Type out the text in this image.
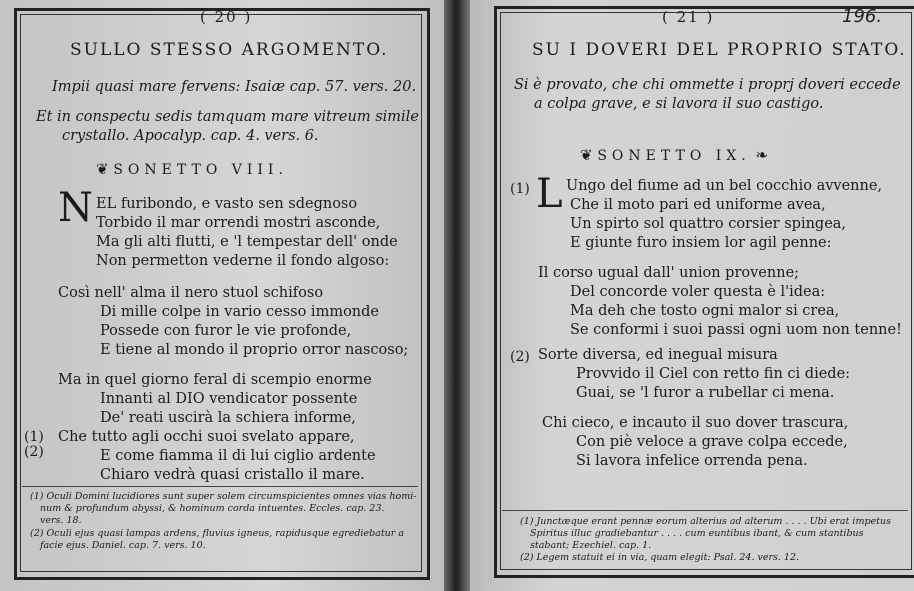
( 20 )
SULLO STESSO ARGOMENTO.
Impii quasi mare fervens: Isaiæ cap. 57. vers. 20.
Et in conspectu sedis tamquam mare vitreum simile
crystallo. Apocalyp. cap. 4. vers. 6.
❦ SONETTO VIII.
N EL furibondo, e vasto sen sdegnoso
Torbido il mar orrendi mostri asconde,
Ma gli alti flutti, e 'l tempestar dell' onde
Non permetton vederne il fondo algoso:
Così nell' alma il nero stuol schifoso
Di mille colpe in vario cesso immonde
Possede con furor le vie profonde,
E tiene al mondo il proprio orror nascoso;
Ma in quel giorno feral di scempio enorme
Innanti al DIO vendicator possente
De' reati uscirà la schiera informe,
(1)
(2)
Che tutto agli occhi suoi svelato appare,
E come fiamma il di lui ciglio ardente
Chiaro vedrà quasi cristallo il mare.
(1) Oculi Domini lucidiores sunt super solem circumspicientes omnes vias homi-
num & profundum abyssi, & hominum corda intuentes. Eccles. cap. 23.
vers. 18.
(2) Oculi ejus quasi lampas ardens, fluvius igneus, rapidusque egrediebatur a
facie ejus. Daniel. cap. 7. vers. 10.
( 21 )	196.
SU I DOVERI DEL PROPRIO STATO.
Si è provato, che chi ommette i proprj doveri eccede
a colpa grave, e si lavora il suo castigo.
❦ SONETTO IX. ❧
(1) L Ungo del fiume ad un bel cocchio avvenne,
Che il moto pari ed uniforme avea,
Un spirto sol quattro corsier spingea,
E giunte furo insiem lor agil penne:
Il corso ugual dall' union provenne;
Del concorde voler questa è l'idea:
Ma deh che tosto ogni malor si crea,
Se conformi i suoi passi ogni uom non tenne!
(2) Sorte diversa, ed inegual misura
Provvido il Ciel con retto fin ci diede:
Guai, se 'l furor a rubellar ci mena.
Chi cieco, e incauto il suo dover trascura,
Con piè veloce a grave colpa eccede,
Si lavora infelice orrenda pena.
(1) Junctæque erant pennæ eorum alterius ad alterum . . . . Ubi erat impetus
Spiritus illuc gradiebantur . . . . cum euntibus ibant, & cum stantibus
stabant; Ezechiel. cap. 1.
(2) Legem statuit ei in via, quam elegit: Psal. 24. vers. 12.
